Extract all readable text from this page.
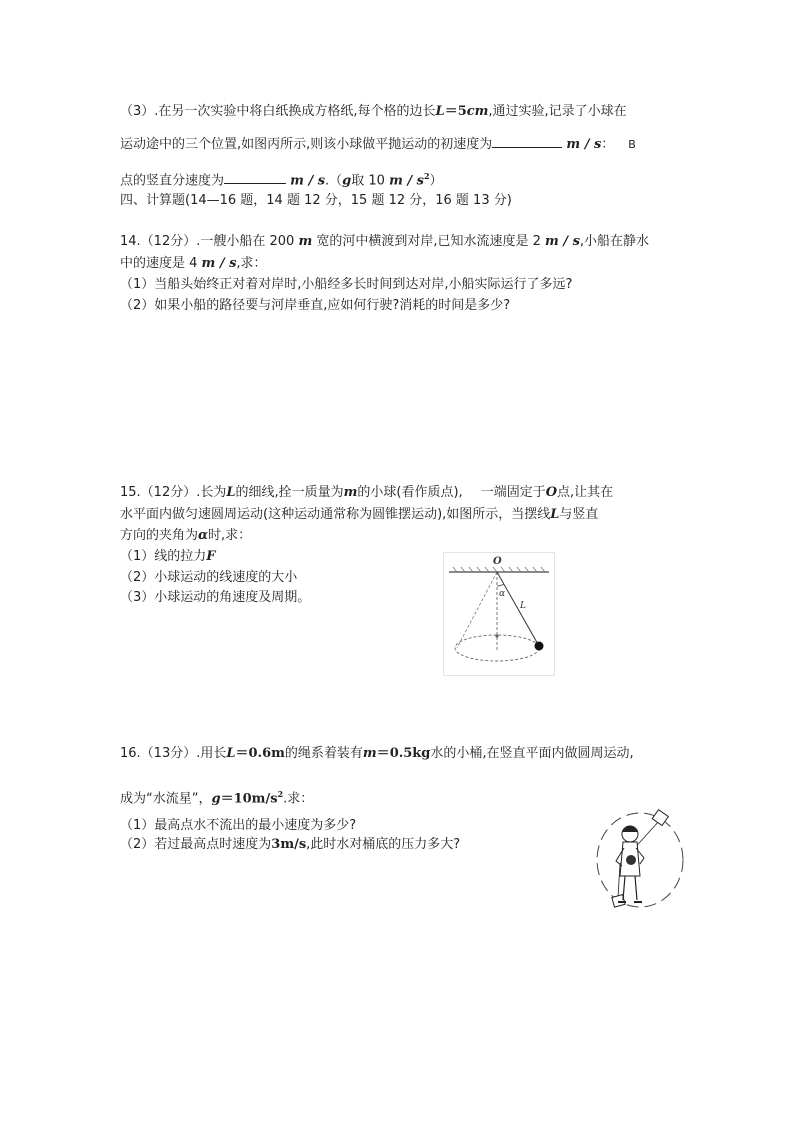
（3）.在另一次实验中将白纸换成方格纸,每个格的边长L＝5cm,通过实验,记录了小球在
运动途中的三个位置,如图丙所示,则该小球做平抛运动的初速度为	m / s： B
点的竖直分速度为	m / s.（g取 10 m / $s^2$）
四、计算题(14—16 题，14 题 12 分，15 题 12 分，16 题 13 分)
14.（12分）.一艘小船在 200 m 宽的河中横渡到对岸,已知水流速度是 2 m / s,小船在静水
中的速度是 4 m / s,求：
（1）当船头始终正对着对岸时,小船经多长时间到达对岸,小船实际运行了多远?
（2）如果小船的路径要与河岸垂直,应如何行驶?消耗的时间是多少?
15.（12分）.长为L的细线,拴一质量为m的小球(看作质点), 一端固定于O点,让其在
水平面内做匀速圆周运动(这种运动通常称为圆锥摆运动),如图所示，当摆线L与竖直
方向的夹角为α时,求：
（1）线的拉力F
（2）小球运动的线速度的大小
（3）小球运动的角速度及周期。
O
α
L
16.（13分）.用长L＝0.6m的绳系着装有m＝0.5kg水的小桶,在竖直平面内做圆周运动,
成为“水流星”，$g=10m/s^2$.求：
（1）最高点水不流出的最小速度为多少?
（2）若过最高点时速度为3m/s,此时水对桶底的压力多大?
